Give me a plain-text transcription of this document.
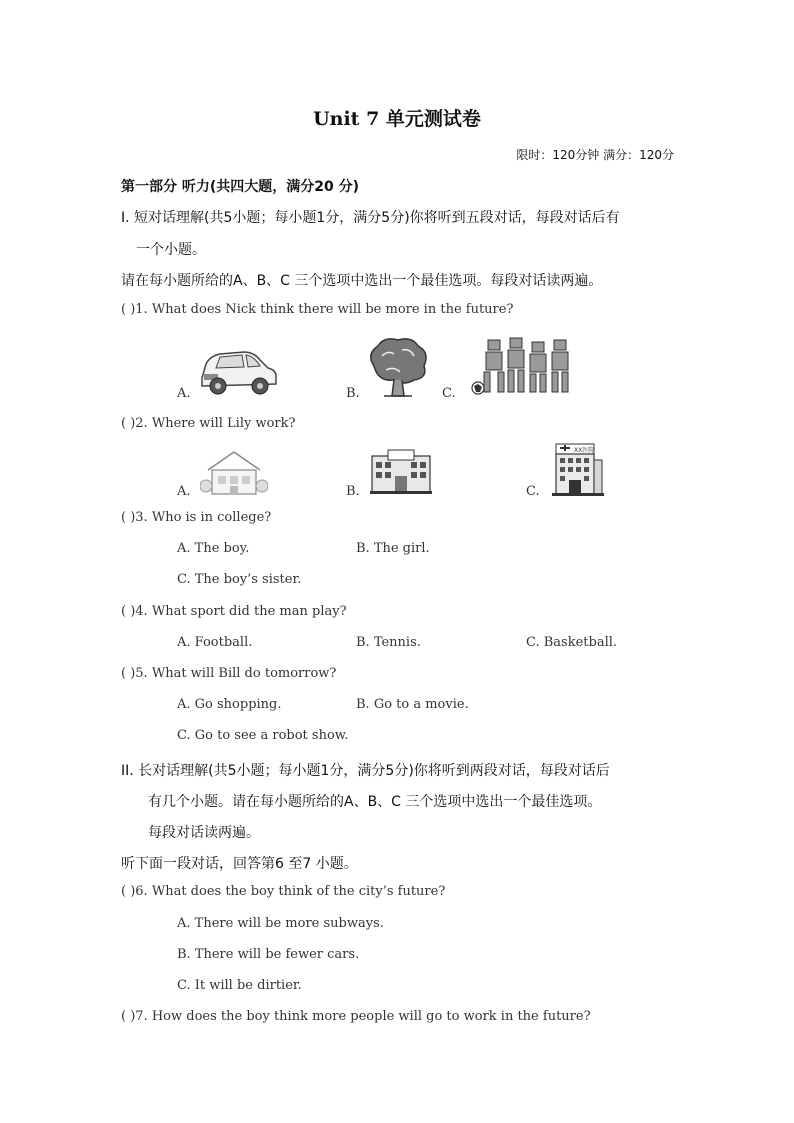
Unit 7 单元测试卷
限时：120分钟 满分：120分
第一部分 听力(共四大题，满分20 分)
I. 短对话理解(共5小题；每小题1分，满分5分)你将听到五段对话，每段对话后有
一个小题。
请在每小题所给的A、B、C 三个选项中选出一个最佳选项。每段对话读两遍。
( )1. What does Nick think there will be more in the future?
A.	B.	C.
( )2. Where will Lily work?
A.	B.	C.
XX医院
( )3. Who is in college?
A. The boy.	B. The girl.
C. The boy’s sister.
( )4. What sport did the man play?
A. Football.	B. Tennis.	C. Basketball.
( )5. What will Bill do tomorrow?
A. Go shopping.	B. Go to a movie.
C. Go to see a robot show.
II. 长对话理解(共5小题；每小题1分，满分5分)你将听到两段对话，每段对话后
有几个小题。请在每小题所给的A、B、C 三个选项中选出一个最佳选项。
每段对话读两遍。
听下面一段对话，回答第6 至7 小题。
( )6. What does the boy think of the city’s future?
A. There will be more subways.
B. There will be fewer cars.
C. It will be dirtier.
( )7. How does the boy think more people will go to work in the future?
